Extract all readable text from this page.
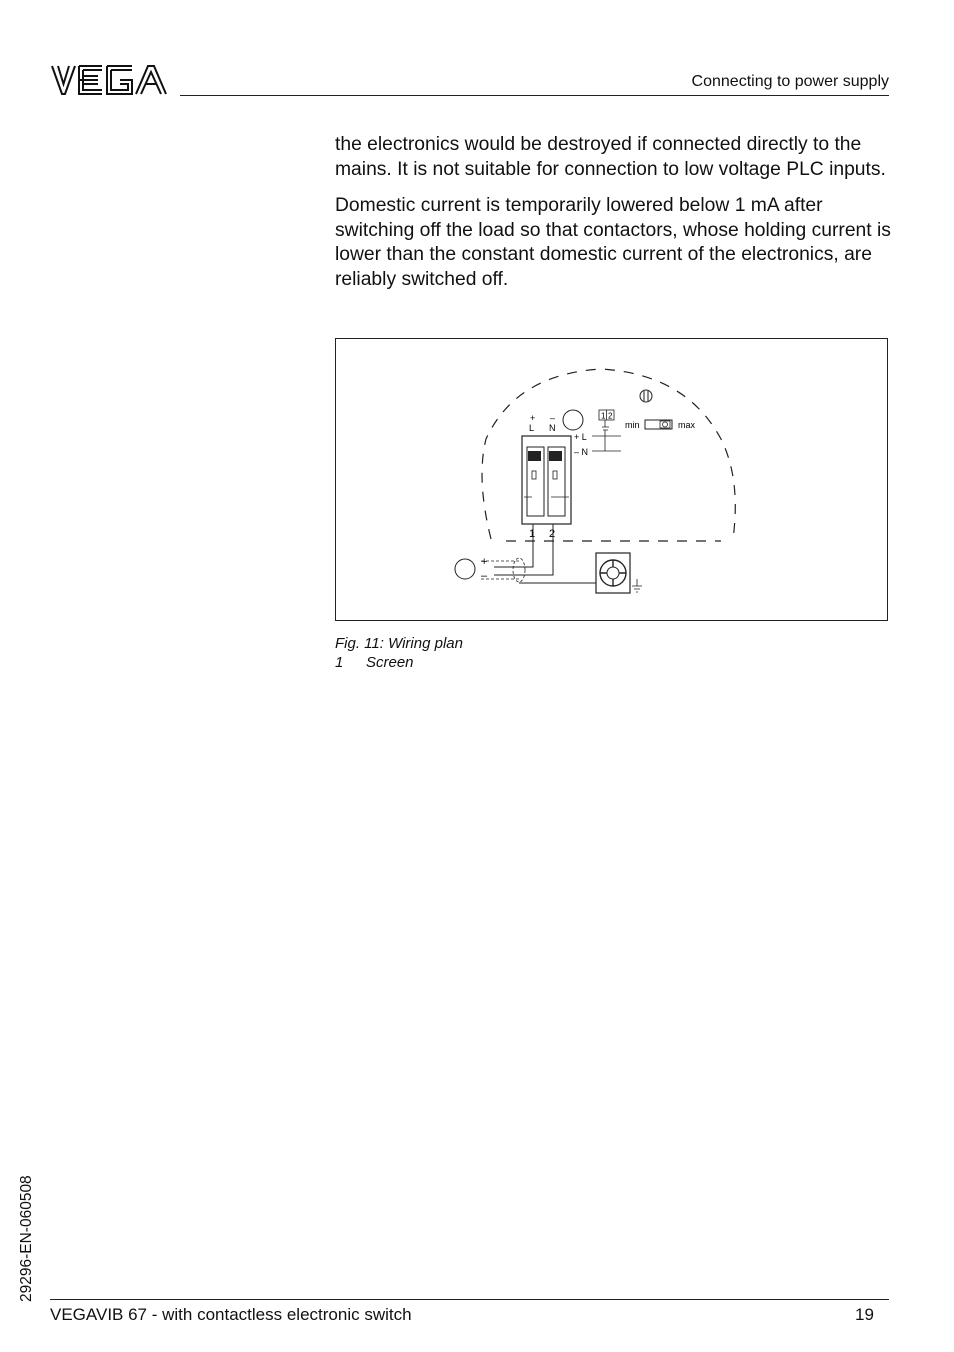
VEGA
Connecting to power supply

the electronics would be destroyed if connected directly to the mains. It is not suitable for connection to low voltage PLC inputs.

Domestic current is temporarily lowered below 1 mA after switching off the load so that contactors, whose holding current is lower than the constant domestic current of the electronics, are reliably switched off.

+
L
–
N
1 2
+ L
– N
min	max
1 2
+
–
Fig. 11: Wiring plan
1 Screen
29296-EN-060508
VEGAVIB 67 - with contactless electronic switch	19
